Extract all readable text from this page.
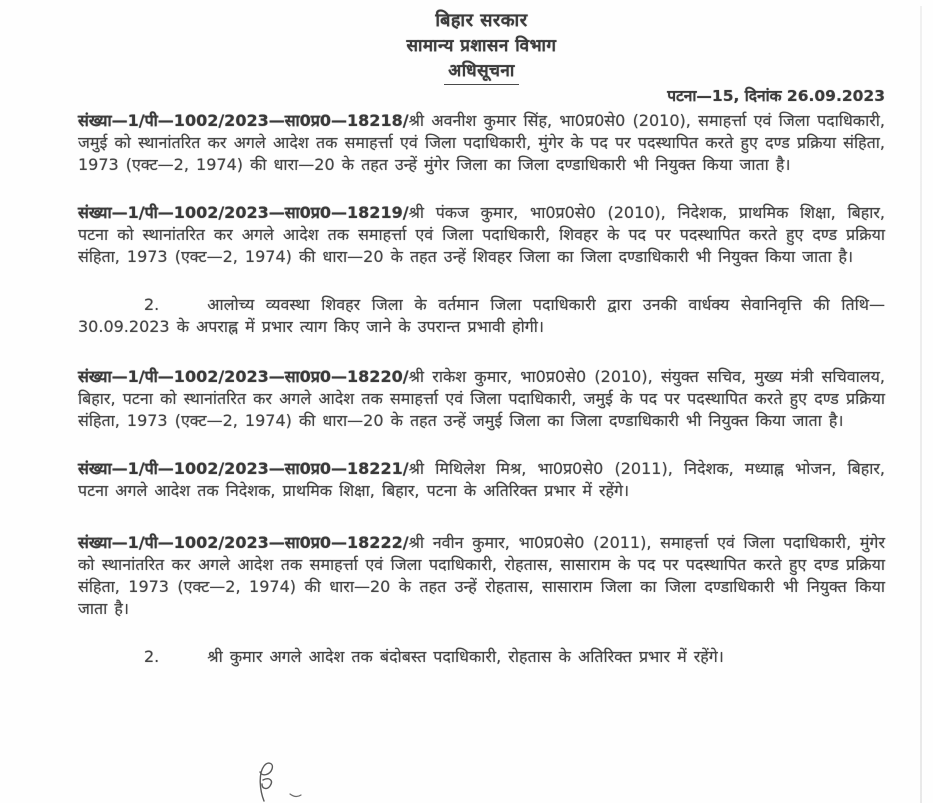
बिहार सरकार
सामान्य प्रशासन विभाग
अधिसूचना
पटना—15, दिनांक 26.09.2023

संख्या—1/पी—1002/2023—सा0प्र0—18218/श्री अवनीश कुमार सिंह, भा0प्र0से0 (2010), समाहर्त्ता एवं जिला पदाधिकारी, जमुई को स्थानांतरित कर अगले आदेश तक समाहर्त्ता एवं जिला पदाधिकारी, मुंगेर के पद पर पदस्थापित करते हुए दण्ड प्रक्रिया संहिता, 1973 (एक्ट—2, 1974) की धारा—20 के तहत उन्हें मुंगेर जिला का जिला दण्डाधिकारी भी नियुक्त किया जाता है।

संख्या—1/पी—1002/2023—सा0प्र0—18219/श्री पंकज कुमार, भा0प्र0से0 (2010), निदेशक, प्राथमिक शिक्षा, बिहार, पटना को स्थानांतरित कर अगले आदेश तक समाहर्त्ता एवं जिला पदाधिकारी, शिवहर के पद पर पदस्थापित करते हुए दण्ड प्रक्रिया संहिता, 1973 (एक्ट—2, 1974) की धारा—20 के तहत उन्हें शिवहर जिला का जिला दण्डाधिकारी भी नियुक्त किया जाता है।

2.	आलोच्य व्यवस्था शिवहर जिला के वर्तमान जिला पदाधिकारी द्वारा उनकी वार्धक्य सेवानिवृत्ति की तिथि—30.09.2023 के अपराह्न में प्रभार त्याग किए जाने के उपरान्त प्रभावी होगी।

संख्या—1/पी—1002/2023—सा0प्र0—18220/श्री राकेश कुमार, भा0प्र0से0 (2010), संयुक्त सचिव, मुख्य मंत्री सचिवालय, बिहार, पटना को स्थानांतरित कर अगले आदेश तक समाहर्त्ता एवं जिला पदाधिकारी, जमुई के पद पर पदस्थापित करते हुए दण्ड प्रक्रिया संहिता, 1973 (एक्ट—2, 1974) की धारा—20 के तहत उन्हें जमुई जिला का जिला दण्डाधिकारी भी नियुक्त किया जाता है।

संख्या—1/पी—1002/2023—सा0प्र0—18221/श्री मिथिलेश मिश्र, भा0प्र0से0 (2011), निदेशक, मध्याह्न भोजन, बिहार, पटना अगले आदेश तक निदेशक, प्राथमिक शिक्षा, बिहार, पटना के अतिरिक्त प्रभार में रहेंगे।

संख्या—1/पी—1002/2023—सा0प्र0—18222/श्री नवीन कुमार, भा0प्र0से0 (2011), समाहर्त्ता एवं जिला पदाधिकारी, मुंगेर को स्थानांतरित कर अगले आदेश तक समाहर्त्ता एवं जिला पदाधिकारी, रोहतास, सासाराम के पद पर पदस्थापित करते हुए दण्ड प्रक्रिया संहिता, 1973 (एक्ट—2, 1974) की धारा—20 के तहत उन्हें रोहतास, सासाराम जिला का जिला दण्डाधिकारी भी नियुक्त किया जाता है।

2.	श्री कुमार अगले आदेश तक बंदोबस्त पदाधिकारी, रोहतास के अतिरिक्त प्रभार में रहेंगे।
